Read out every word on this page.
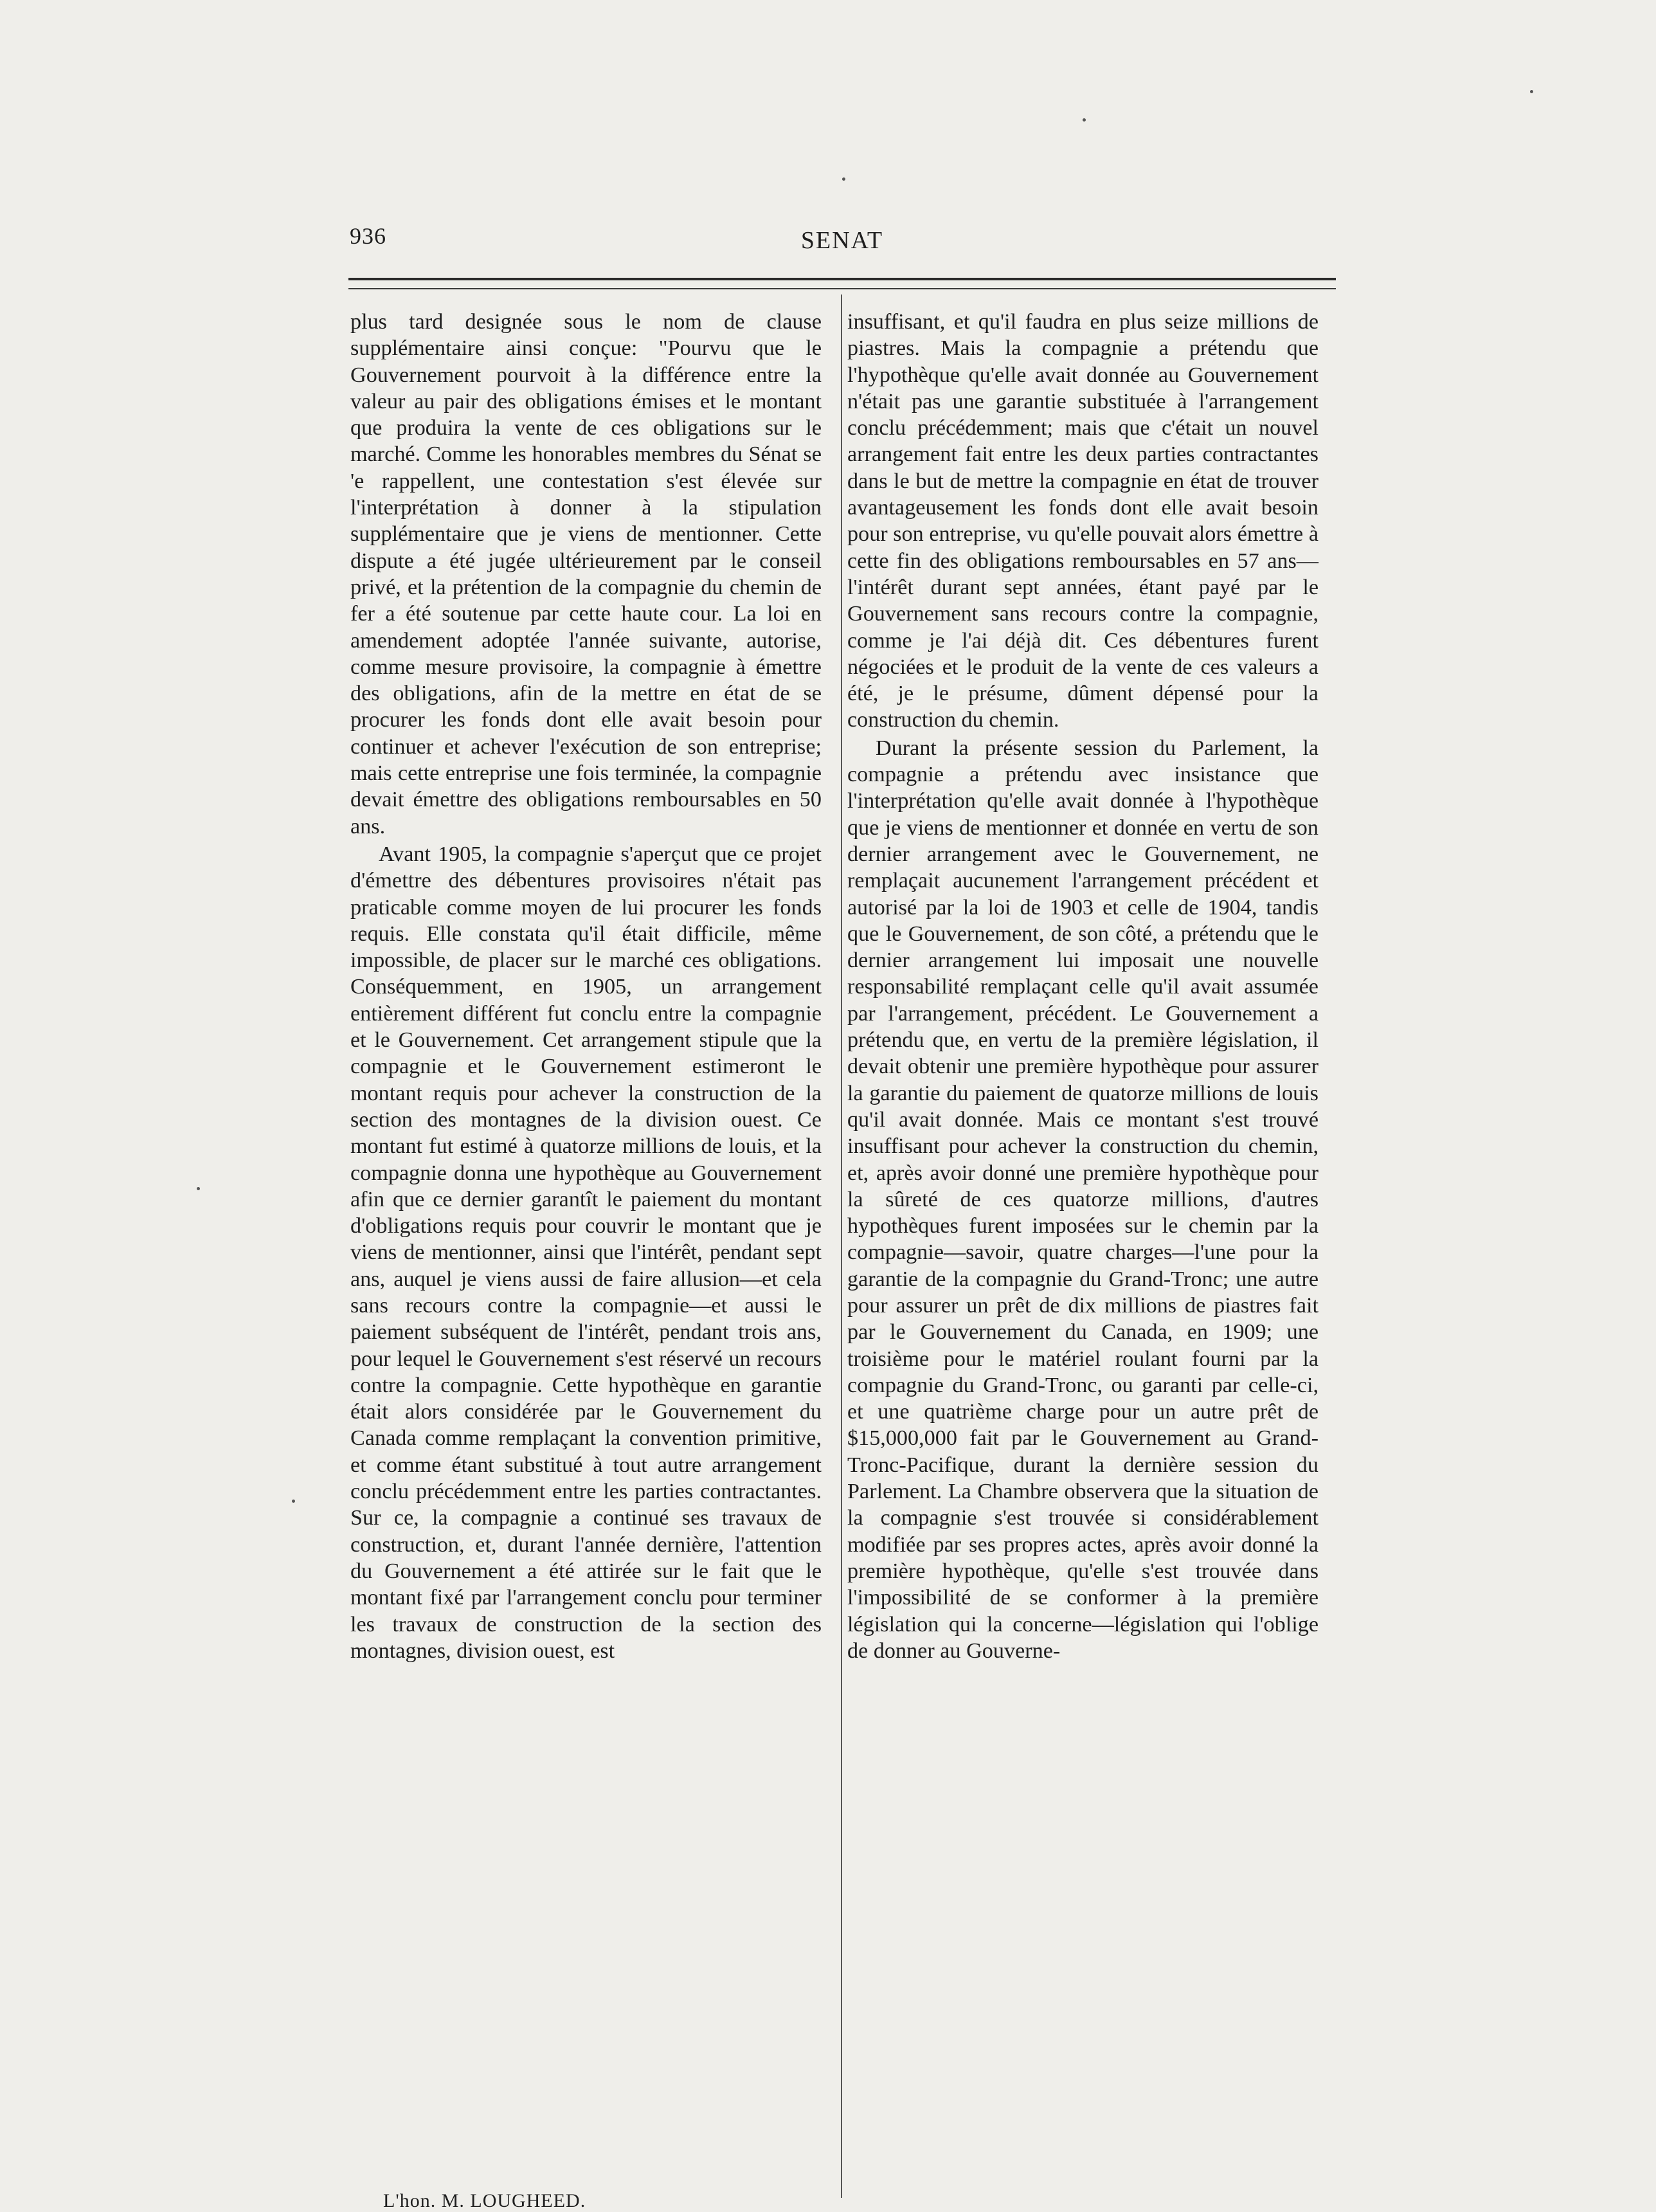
936	SENAT

plus tard designée sous le nom de clause supplémentaire ainsi conçue: "Pourvu que le Gouvernement pourvoit à la différence entre la valeur au pair des obligations émises et le montant que produira la vente de ces obligations sur le marché. Comme les honorables membres du Sénat se 'e rappellent, une contestation s'est élevée sur l'interprétation à donner à la stipulation supplémentaire que je viens de mentionner. Cette dispute a été jugée ultérieurement par le conseil privé, et la prétention de la compagnie du chemin de fer a été soutenue par cette haute cour. La loi en amendement adoptée l'année suivante, autorise, comme mesure provisoire, la compagnie à émettre des obligations, afin de la mettre en état de se procurer les fonds dont elle avait besoin pour continuer et achever l'exécution de son entreprise; mais cette entreprise une fois terminée, la compagnie devait émettre des obligations remboursables en 50 ans.

Avant 1905, la compagnie s'aperçut que ce projet d'émettre des débentures provisoires n'était pas praticable comme moyen de lui procurer les fonds requis. Elle constata qu'il était difficile, même impossible, de placer sur le marché ces obligations. Conséquemment, en 1905, un arrangement entièrement différent fut conclu entre la compagnie et le Gouvernement. Cet arrangement stipule que la compagnie et le Gouvernement estimeront le montant requis pour achever la construction de la section des montagnes de la division ouest. Ce montant fut estimé à quatorze millions de louis, et la compagnie donna une hypothèque au Gouvernement afin que ce dernier garantît le paiement du montant d'obligations requis pour couvrir le montant que je viens de mentionner, ainsi que l'intérêt, pendant sept ans, auquel je viens aussi de faire allusion—et cela sans recours contre la compagnie—et aussi le paiement subséquent de l'intérêt, pendant trois ans, pour lequel le Gouvernement s'est réservé un recours contre la compagnie. Cette hypothèque en garantie était alors considérée par le Gouvernement du Canada comme remplaçant la convention primitive, et comme étant substitué à tout autre arrangement conclu précédemment entre les parties contractantes. Sur ce, la compagnie a continué ses travaux de construction, et, durant l'année dernière, l'attention du Gouvernement a été attirée sur le fait que le montant fixé par l'arrangement conclu pour terminer les travaux de construction de la section des montagnes, division ouest, est

insuffisant, et qu'il faudra en plus seize millions de piastres. Mais la compagnie a prétendu que l'hypothèque qu'elle avait donnée au Gouvernement n'était pas une garantie substituée à l'arrangement conclu précédemment; mais que c'était un nouvel arrangement fait entre les deux parties contractantes dans le but de mettre la compagnie en état de trouver avantageusement les fonds dont elle avait besoin pour son entreprise, vu qu'elle pouvait alors émettre à cette fin des obligations remboursables en 57 ans—l'intérêt durant sept années, étant payé par le Gouvernement sans recours contre la compagnie, comme je l'ai déjà dit. Ces débentures furent négociées et le produit de la vente de ces valeurs a été, je le présume, dûment dépensé pour la construction du chemin.

Durant la présente session du Parlement, la compagnie a prétendu avec insistance que l'interprétation qu'elle avait donnée à l'hypothèque que je viens de mentionner et donnée en vertu de son dernier arrangement avec le Gouvernement, ne remplaçait aucunement l'arrangement précédent et autorisé par la loi de 1903 et celle de 1904, tandis que le Gouvernement, de son côté, a prétendu que le dernier arrangement lui imposait une nouvelle responsabilité remplaçant celle qu'il avait assumée par l'arrangement, précédent. Le Gouvernement a prétendu que, en vertu de la première législation, il devait obtenir une première hypothèque pour assurer la garantie du paiement de quatorze millions de louis qu'il avait donnée. Mais ce montant s'est trouvé insuffisant pour achever la construction du chemin, et, après avoir donné une première hypothèque pour la sûreté de ces quatorze millions, d'autres hypothèques furent imposées sur le chemin par la compagnie—savoir, quatre charges—l'une pour la garantie de la compagnie du Grand-Tronc; une autre pour assurer un prêt de dix millions de piastres fait par le Gouvernement du Canada, en 1909; une troisième pour le matériel roulant fourni par la compagnie du Grand-Tronc, ou garanti par celle-ci, et une quatrième charge pour un autre prêt de $15,000,000 fait par le Gouvernement au Grand-Tronc-Pacifique, durant la dernière session du Parlement. La Chambre observera que la situation de la compagnie s'est trouvée si considérablement modifiée par ses propres actes, après avoir donné la première hypothèque, qu'elle s'est trouvée dans l'impossibilité de se conformer à la première législation qui la concerne—législation qui l'oblige de donner au Gouverne-

L'hon. M. LOUGHEED.
